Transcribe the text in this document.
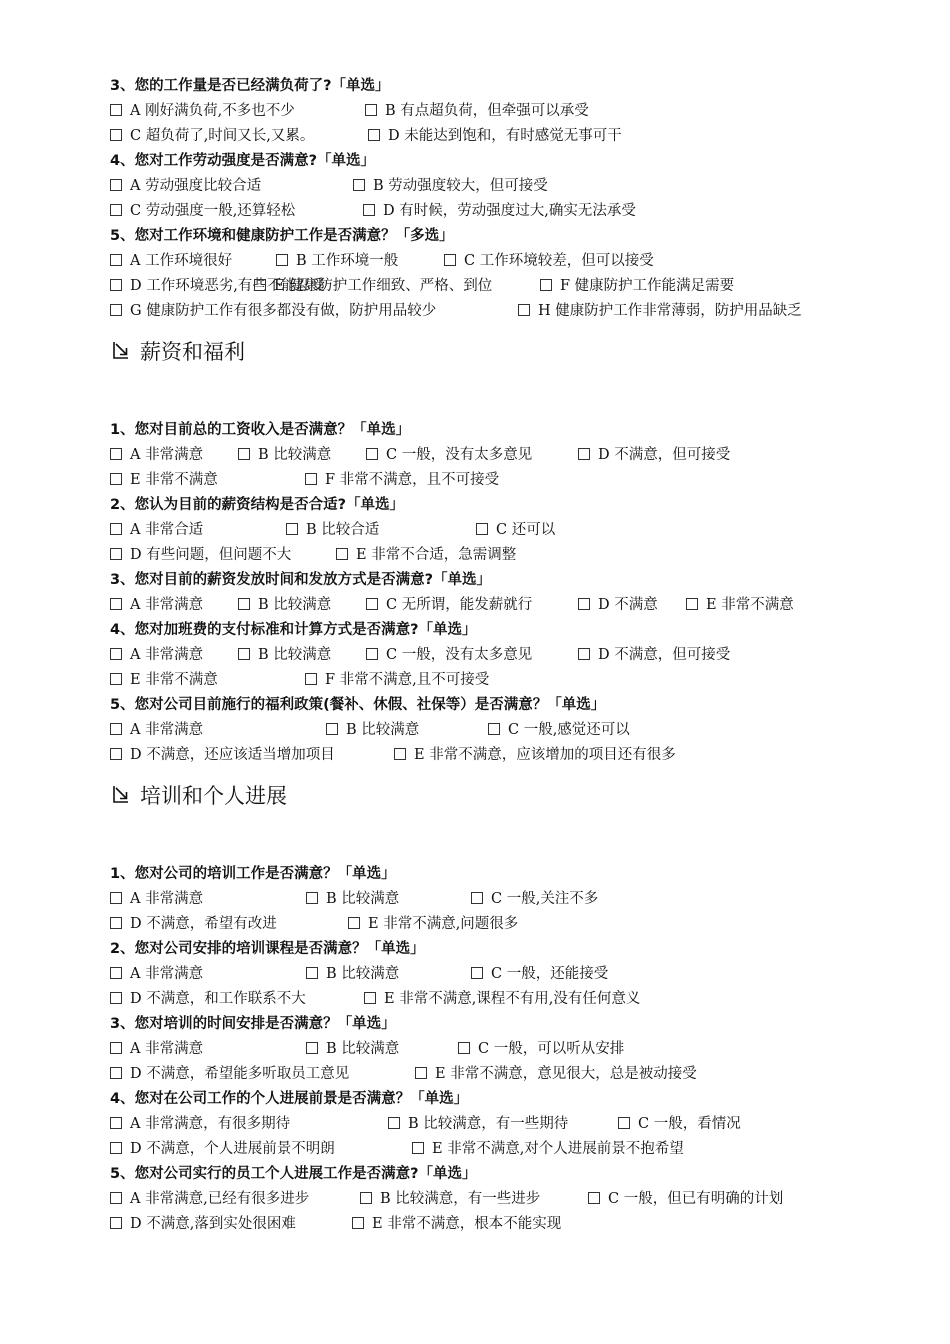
3、您的工作量是否已经满负荷了?「单选」
A 刚好满负荷,不多也不少	B 有点超负荷，但牵强可以承受
C 超负荷了,时间又长,又累。	D 未能达到饱和，有时感觉无事可干
4、您对工作劳动强度是否满意?「单选」
A 劳动强度比较合适	B 劳动强度较大，但可接受
C 劳动强度一般,还算轻松	D 有时候，劳动强度过大,确实无法承受
5、您对工作环境和健康防护工作是否满意？「多选」
A 工作环境很好	B 工作环境一般	C 工作环境较差，但可以接受D 工作环境恶劣,有些不能忍受E 健康防护工作细致、严格、到位	F 健康防护工作能满足需要
G 健康防护工作有很多都没有做，防护用品较少	H 健康防护工作非常薄弱，防护用品缺乏
薪资和福利
1、您对目前总的工资收入是否满意？「单选」
A 非常满意	B 比较满意	C 一般，没有太多意见	D 不满意，但可接受
E 非常不满意	F 非常不满意，且不可接受
2、您认为目前的薪资结构是否合适?「单选」
A 非常合适	B 比较合适	C 还可以
D 有些问题，但问题不大	E 非常不合适，急需调整
3、您对目前的薪资发放时间和发放方式是否满意?「单选」
A 非常满意	B 比较满意	C 无所谓，能发薪就行	D 不满意	E 非常不满意
4、您对加班费的支付标准和计算方式是否满意?「单选」
A 非常满意	B 比较满意	C 一般，没有太多意见	D 不满意，但可接受
E 非常不满意	F 非常不满意,且不可接受
5、您对公司目前施行的福利政策(餐补、休假、社保等）是否满意？「单选」
A 非常满意	B 比较满意	C 一般,感觉还可以
D 不满意，还应该适当增加项目	E 非常不满意，应该增加的项目还有很多
培训和个人进展
1、您对公司的培训工作是否满意？「单选」
A 非常满意	B 比较满意	C 一般,关注不多
D 不满意，希望有改进	E 非常不满意,问题很多
2、您对公司安排的培训课程是否满意？「单选」
A 非常满意	B 比较满意	C 一般，还能接受
D 不满意，和工作联系不大	E 非常不满意,课程不有用,没有任何意义
3、您对培训的时间安排是否满意？「单选」
A 非常满意	B 比较满意	C 一般，可以听从安排
D 不满意，希望能多听取员工意见	E 非常不满意，意见很大，总是被动接受
4、您对在公司工作的个人进展前景是否满意？「单选」
A 非常满意，有很多期待	B 比较满意，有一些期待	C 一般，看情况
D 不满意，个人进展前景不明朗	E 非常不满意,对个人进展前景不抱希望
5、您对公司实行的员工个人进展工作是否满意?「单选」
A 非常满意,已经有很多进步	B 比较满意，有一些进步	C 一般，但已有明确的计划
D 不满意,落到实处很困难	E 非常不满意，根本不能实现
